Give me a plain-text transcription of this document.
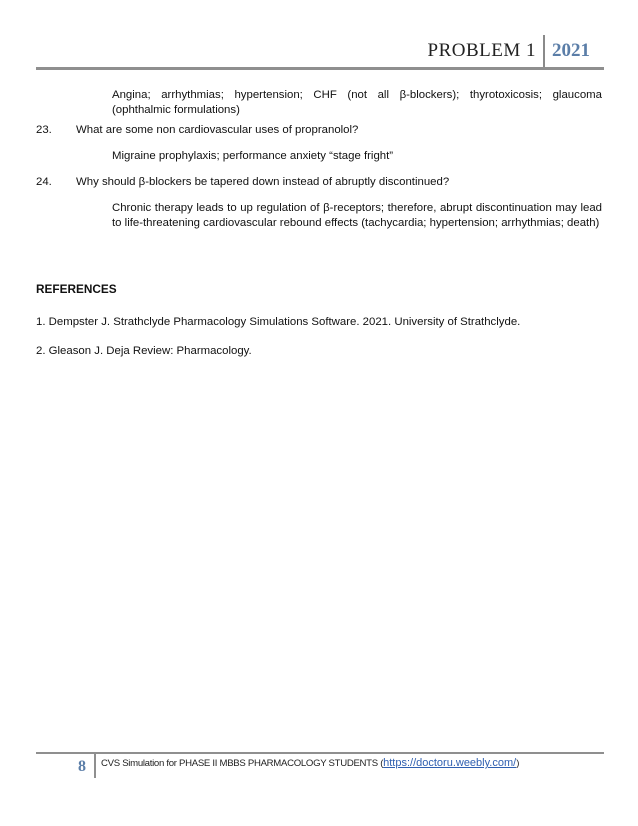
PROBLEM 1 2021
Angina; arrhythmias; hypertension; CHF (not all β-blockers); thyrotoxicosis; glaucoma (ophthalmic formulations)
23. What are some non cardiovascular uses of propranolol?
Migraine prophylaxis; performance anxiety “stage fright”
24. Why should β-blockers be tapered down instead of abruptly discontinued?
Chronic therapy leads to up regulation of β-receptors; therefore, abrupt discontinuation may lead to life-threatening cardiovascular rebound effects (tachycardia; hypertension; arrhythmias; death)
REFERENCES
1. Dempster J. Strathclyde Pharmacology Simulations Software. 2021. University of Strathclyde.
2. Gleason J. Deja Review: Pharmacology.
8	CVS Simulation for PHASE II MBBS PHARMACOLOGY STUDENTS (https://doctoru.weebly.com/)
